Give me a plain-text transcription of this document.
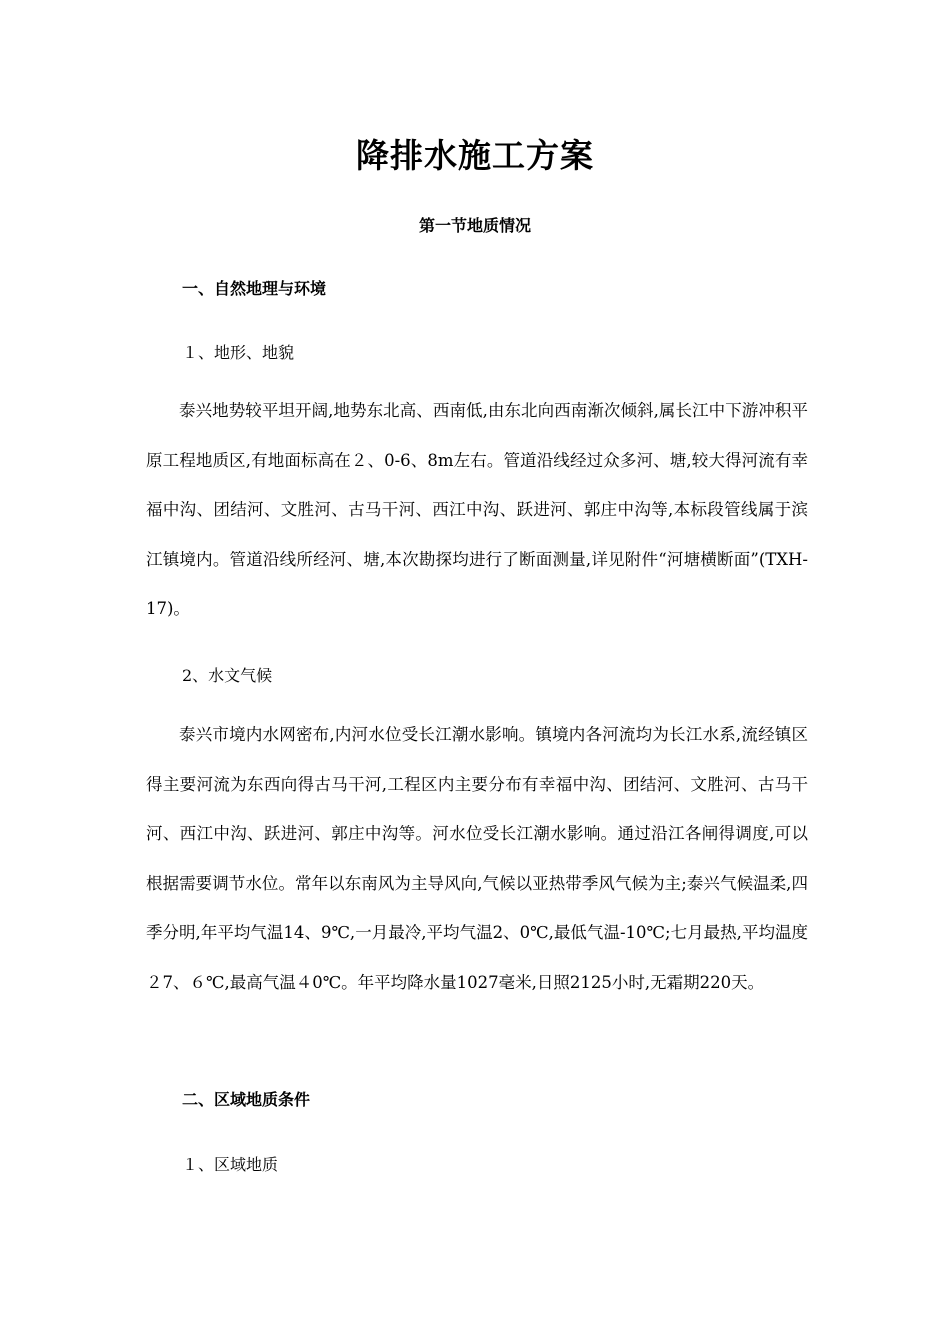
降排水施工方案
第一节地质情况
一、自然地理与环境
１、地形、地貌

泰兴地势较平坦开阔,地势东北高、西南低,由东北向西南渐次倾斜,属长江中下游冲积平原工程地质区,有地面标高在２、0-6、8m左右。管道沿线经过众多河、塘,较大得河流有幸福中沟、团结河、文胜河、古马干河、西江中沟、跃进河、郭庄中沟等,本标段管线属于滨江镇境内。管道沿线所经河、塘,本次勘探均进行了断面测量,详见附件“河塘横断面”(TXH-17)。

2、水文气候

泰兴市境内水网密布,内河水位受长江潮水影响。镇境内各河流均为长江水系,流经镇区得主要河流为东西向得古马干河,工程区内主要分布有幸福中沟、团结河、文胜河、古马干河、西江中沟、跃进河、郭庄中沟等。河水位受长江潮水影响。通过沿江各闸得调度,可以根据需要调节水位。常年以东南风为主导风向,气候以亚热带季风气候为主;泰兴气候温柔,四季分明,年平均气温14、9℃,一月最冷,平均气温2、0℃,最低气温-10℃;七月最热,平均温度２7、６℃,最高气温４0℃。年平均降水量1027毫米,日照2125小时,无霜期220天。

二、区域地质条件
１、区域地质
